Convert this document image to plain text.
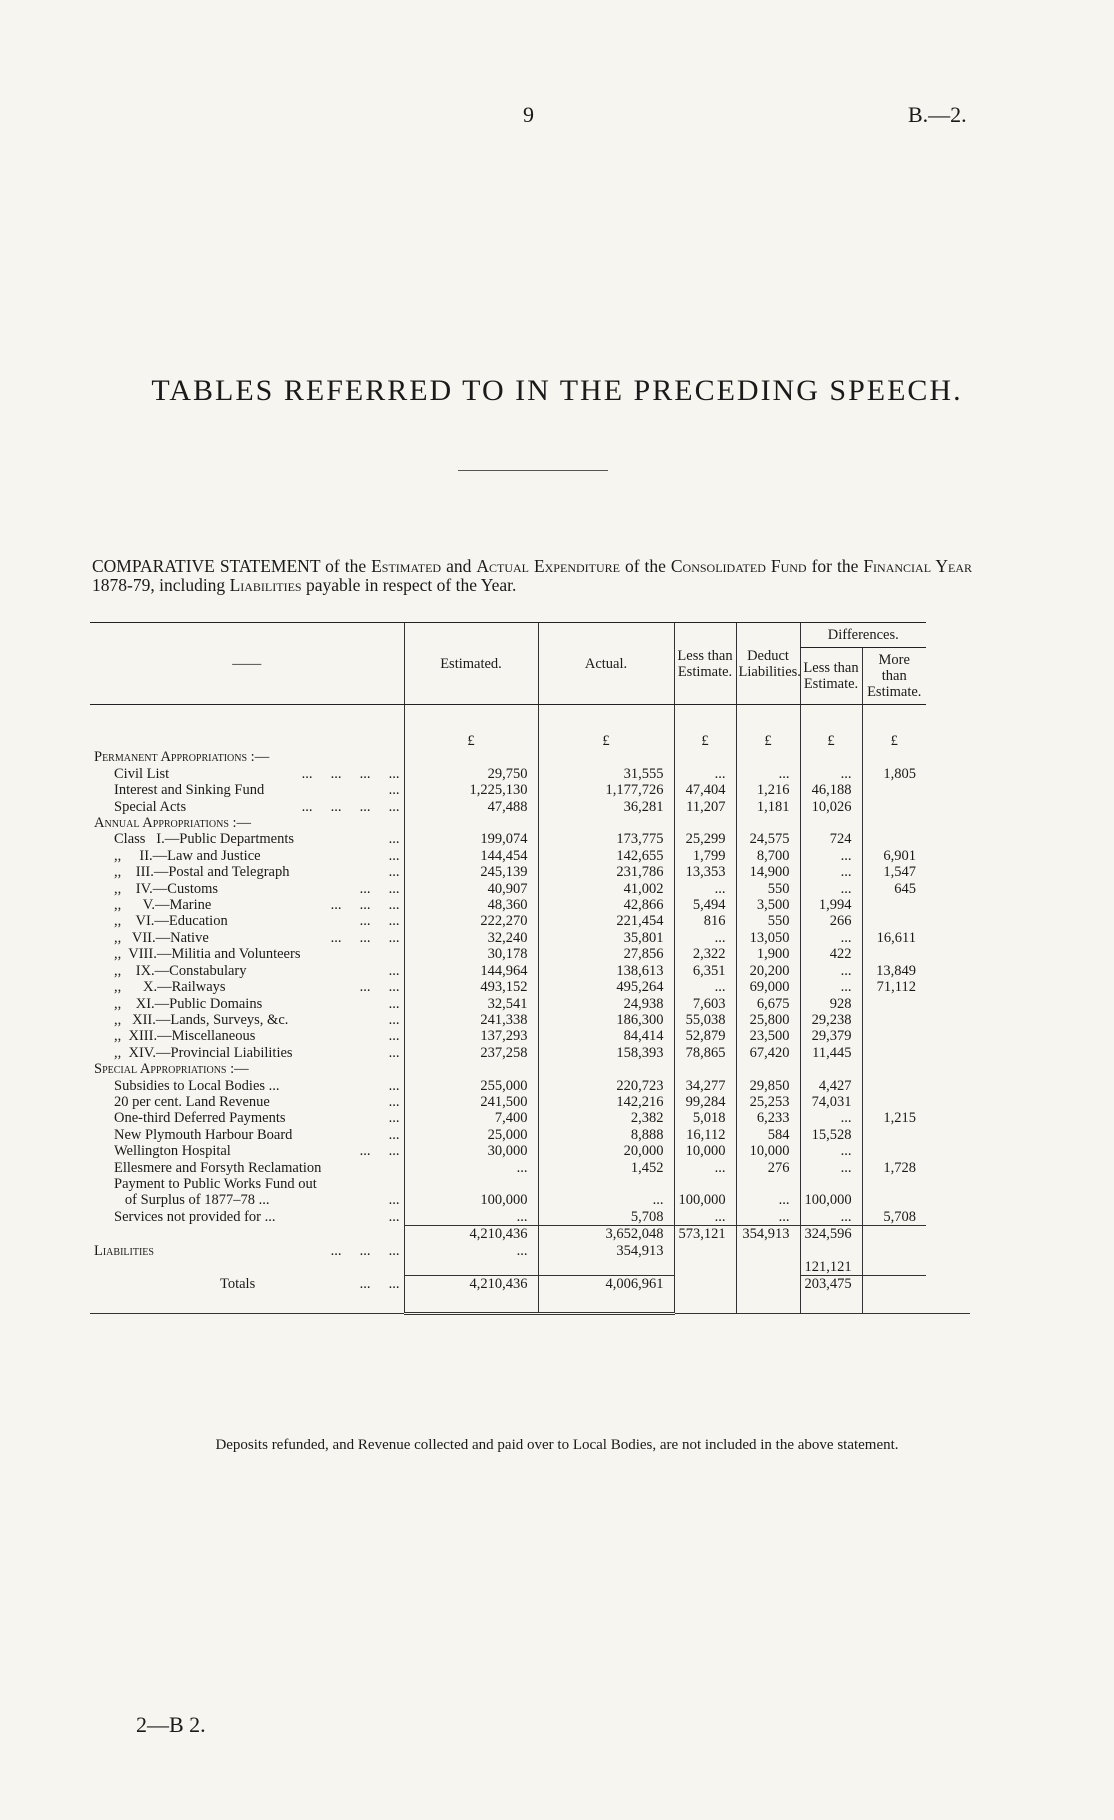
9	B.—2.
TABLES REFERRED TO IN THE PRECEDING SPEECH.
COMPARATIVE STATEMENT of the Estimated and Actual Expenditure of the Consolidated Fund for the Financial Year 1878-79, including Liabilities payable in respect of the Year.
——	Estimated.	Actual.	Less than Estimate.	Deduct Liabilities.	Differences.		
					Less than Estimate.	More than Estimate.	

	£	£	£	£	£	£	
Permanent Appropriations :—							
Civil List ...     ...     ...     ...	29,750	31,555	...	...	...	1,805	
Interest and Sinking Fund ...	1,225,130	1,177,726	47,404	1,216	46,188		
Special Acts ...     ...     ...     ...	47,488	36,281	11,207	1,181	10,026		
Annual Appropriations :—							
Class   I.—Public Departments ...	199,074	173,775	25,299	24,575	724		
,,     II.—Law and Justice ...	144,454	142,655	1,799	8,700	...	6,901	
,,    III.—Postal and Telegraph ...	245,139	231,786	13,353	14,900	...	1,547	
,,    IV.—Customs ...     ...	40,907	41,002	...	550	...	645	
,,      V.—Marine ...     ...     ...	48,360	42,866	5,494	3,500	1,994		
,,    VI.—Education ...     ...	222,270	221,454	816	550	266		
,,   VII.—Native ...     ...     ...	32,240	35,801	...	13,050	...	16,611	
,,  VIII.—Militia and Volunteers	30,178	27,856	2,322	1,900	422		
,,    IX.—Constabulary ...	144,964	138,613	6,351	20,200	...	13,849	
,,      X.—Railways ...     ...	493,152	495,264	...	69,000	...	71,112	
,,    XI.—Public Domains ...	32,541	24,938	7,603	6,675	928		
,,   XII.—Lands, Surveys, &c. ...	241,338	186,300	55,038	25,800	29,238		
,,  XIII.—Miscellaneous ...	137,293	84,414	52,879	23,500	29,379		
,,  XIV.—Provincial Liabilities ...	237,258	158,393	78,865	67,420	11,445		
Special Appropriations :—							
Subsidies to Local Bodies ... ...	255,000	220,723	34,277	29,850	4,427		
20 per cent. Land Revenue ...	241,500	142,216	99,284	25,253	74,031		
One-third Deferred Payments ...	7,400	2,382	5,018	6,233	...	1,215	
New Plymouth Harbour Board ...	25,000	8,888	16,112	584	15,528		
Wellington Hospital ...     ...	30,000	20,000	10,000	10,000	...		
Ellesmere and Forsyth Reclamation	...	1,452	...	276	...	1,728	
Payment to Public Works Fund out

of Surplus of 1877–78 ... ...	100,000	...	100,000	...	100,000		
Services not provided for ... ...	...	5,708	...	...	...	5,708	
	4,210,436	3,652,048	573,121	354,913	324,596		
Liabilities ...     ...     ...	...	354,913			121,121		
Totals ...     ...	4,210,436	4,006,961			203,475		

Deposits refunded, and Revenue collected and paid over to Local Bodies, are not included in the above statement.
2—B 2.
